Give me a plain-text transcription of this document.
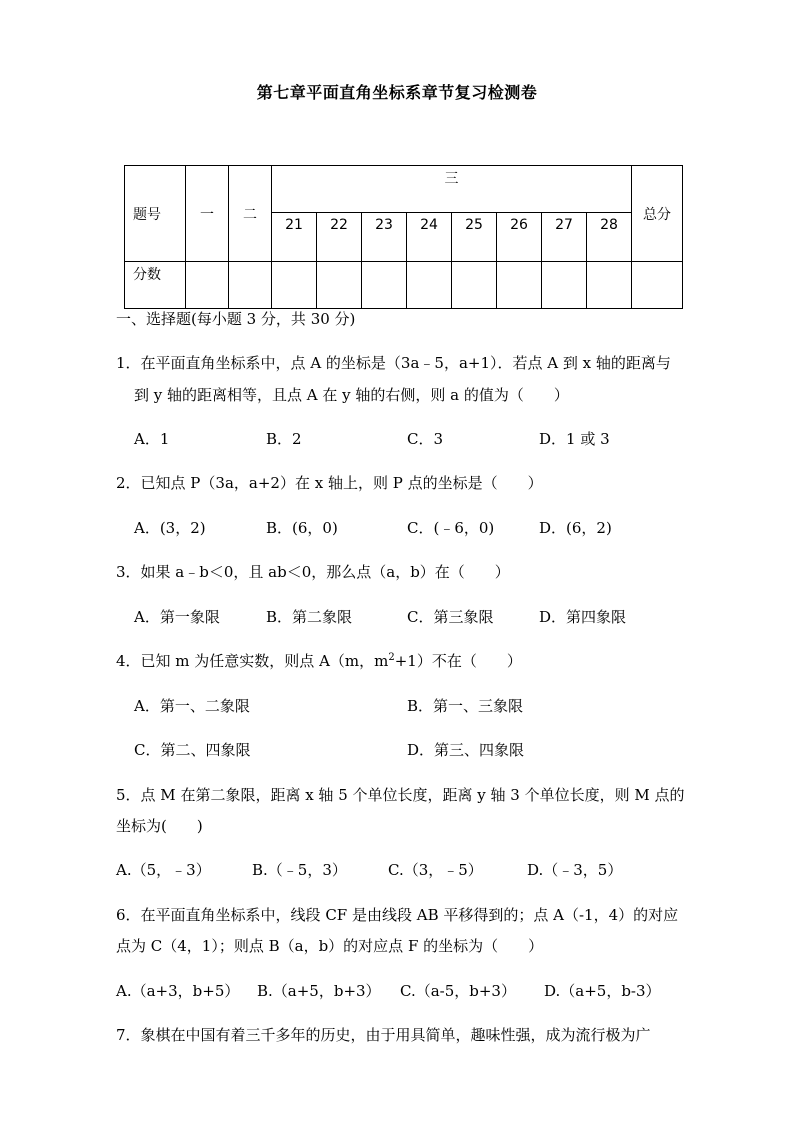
第七章平面直角坐标系章节复习检测卷
题号	一	二	三								总分
			21	22	23	24	25	26	27	28	
分数											
一、选择题(每小题 3 分，共 30 分)
1．在平面直角坐标系中，点 A 的坐标是（3a﹣5，a+1）．若点 A 到 x 轴的距离与
到 y 轴的距离相等，且点 A 在 y 轴的右侧，则 a 的值为（　　）
A．1	B．2	C．3	D．1 或 3
2．已知点 P（3a，a+2）在 x 轴上，则 P 点的坐标是（　　）
A．(3，2)	B．(6，0)	C．(﹣6，0)	D．(6，2)
3．如果 a﹣b＜0，且 ab＜0，那么点（a，b）在（　　）
A．第一象限	B．第二象限	C．第三象限	D．第四象限
4．已知 m 为任意实数，则点 A（m，$m^2+1$）不在（　　）
A．第一、二象限	B．第一、三象限
C．第二、四象限	D．第三、四象限
5．点 M 在第二象限，距离 x 轴 5 个单位长度，距离 y 轴 3 个单位长度，则 M 点的
坐标为(　　)
A.（5，﹣3）	B.（﹣5，3）	C.（3，﹣5）	D.（﹣3，5）
6．在平面直角坐标系中，线段 CF 是由线段 AB 平移得到的；点 A（-1，4）的对应
点为 C（4，1）；则点 B（a，b）的对应点 F 的坐标为（　　）
A.（a+3，b+5） B.（a+5，b+3） C.（a-5，b+3） D.（a+5，b-3）
7．象棋在中国有着三千多年的历史，由于用具简单，趣味性强，成为流行极为广
